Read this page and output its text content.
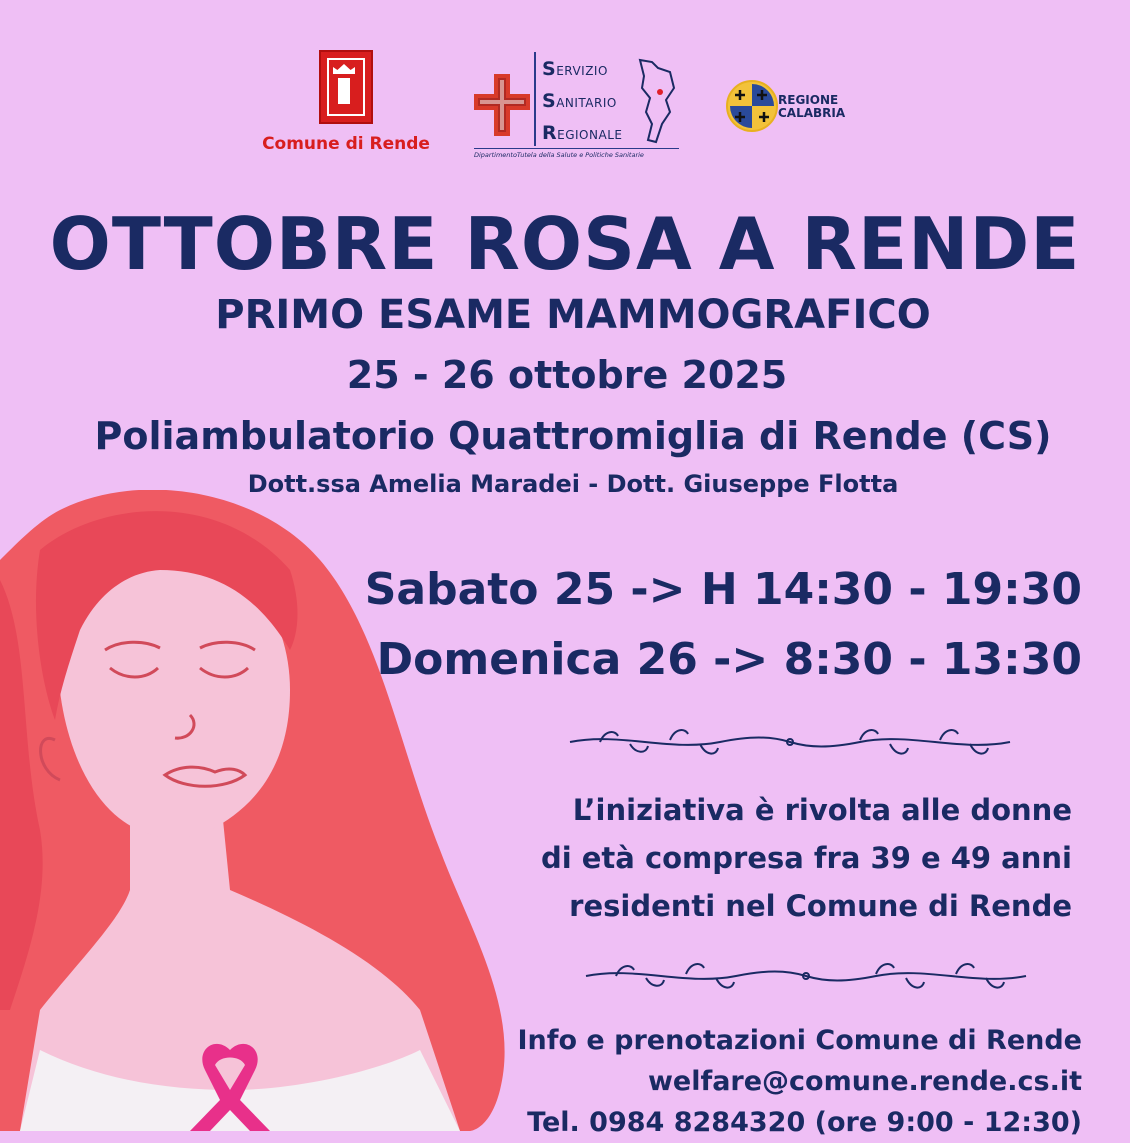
Comune di Rende
SERVIZIO
SANITARIO
REGIONALE
DipartimentoTutela della Salute e Politiche Sanitarie
REGIONE
CALABRIA
OTTOBRE ROSA A RENDE
PRIMO ESAME MAMMOGRAFICO
25 - 26 ottobre 2025
Poliambulatorio Quattromiglia di Rende (CS)
Dott.ssa Amelia Maradei - Dott. Giuseppe Flotta
Sabato 25 -> H 14:30 - 19:30
Domenica 26 -> 8:30 - 13:30
L’iniziativa è rivolta alle donne
di età compresa fra 39 e 49 anni
residenti nel Comune di Rende
Info e prenotazioni Comune di Rende
welfare@comune.rende.cs.it
Tel. 0984 8284320 (ore 9:00 - 12:30)
